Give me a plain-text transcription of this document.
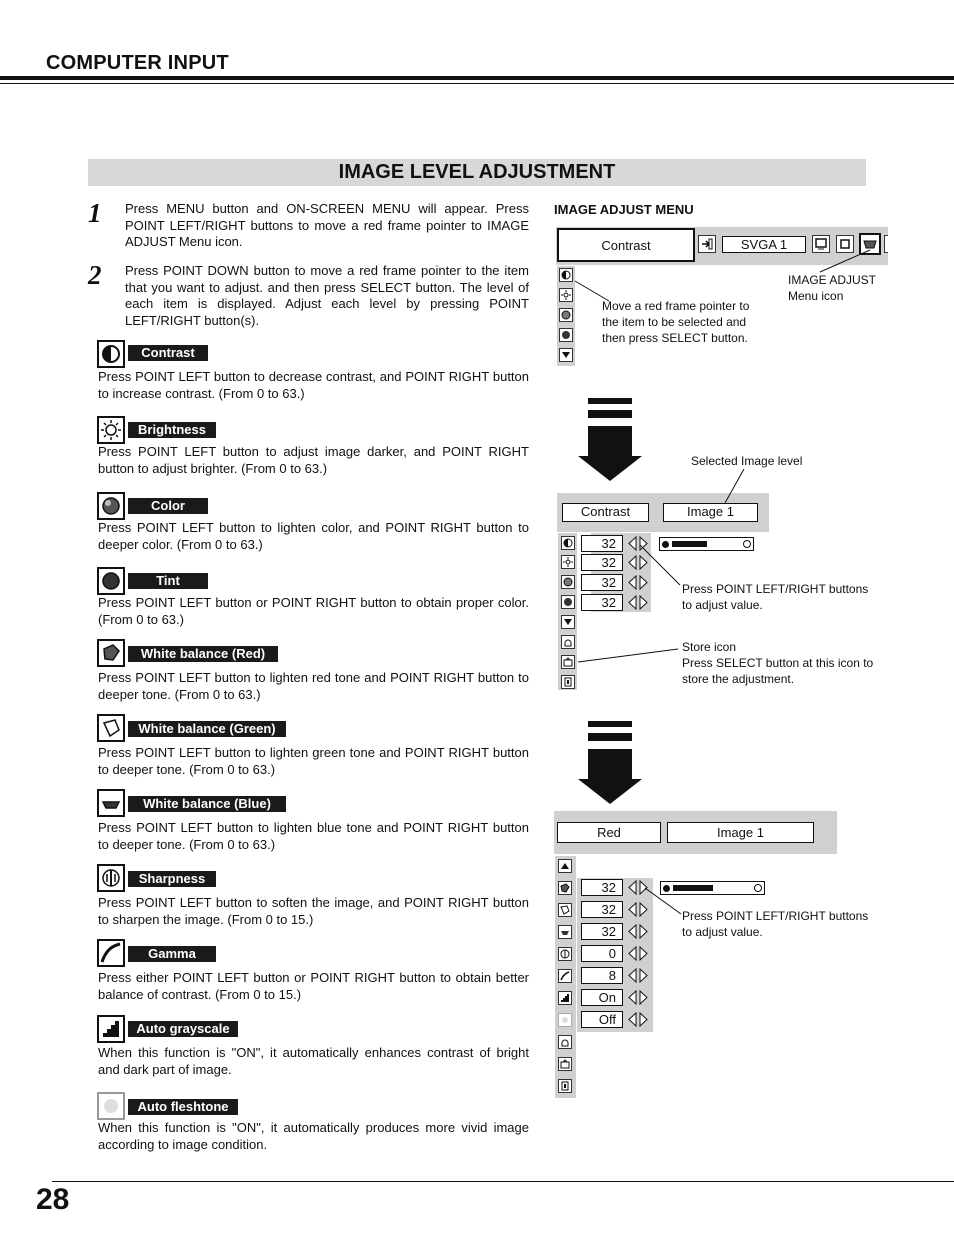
COMPUTER INPUT
IMAGE LEVEL ADJUSTMENT
1 Press MENU button and ON-SCREEN MENU will appear. Press POINT LEFT/RIGHT buttons to move a red frame pointer to IMAGE ADJUST Menu icon.
2 Press POINT DOWN button to move a red frame pointer to the item that you want to adjust. and then press SELECT button. The level of each item is displayed. Adjust each level by pressing POINT LEFT/RIGHT button(s).
Contrast
Press POINT LEFT button to decrease contrast, and POINT RIGHT button to increase contrast. (From 0 to 63.)
Brightness
Press POINT LEFT button to adjust image darker, and POINT RIGHT button to adjust brighter. (From 0 to 63.)
Color
Press POINT LEFT button to lighten color, and POINT RIGHT button to deeper color. (From 0 to 63.)
Tint
Press POINT LEFT button or POINT RIGHT button to obtain proper color. (From 0 to 63.)
White balance (Red)
Press POINT LEFT button to lighten red tone and POINT RIGHT button to deeper tone. (From 0 to 63.)
White balance (Green)
Press POINT LEFT button to lighten green tone and POINT RIGHT button to deeper tone. (From 0 to 63.)
White balance (Blue)
Press POINT LEFT button to lighten blue tone and POINT RIGHT button to deeper tone. (From 0 to 63.)
Sharpness
Press POINT LEFT button to soften the image, and POINT RIGHT button to sharpen the image. (From 0 to 15.)
Gamma
Press either POINT LEFT button or POINT RIGHT button to obtain better balance of contrast. (From 0 to 15.)
Auto grayscale
When this function is "ON", it automatically enhances contrast of bright and dark part of image.
Auto fleshtone
When this function is "ON", it automatically produces more vivid image according to image condition.
IMAGE ADJUST MENU
Contrast	SVGA 1
IMAGE ADJUST
Menu icon
Move a red frame pointer to
the item to be selected and
then press SELECT button.
Selected Image level
Contrast	Image 1
32
32
32
32
Press POINT LEFT/RIGHT buttons
to adjust value.
Store icon
Press SELECT button at this icon to
store the adjustment.
Red	Image 1
32
32
32
0
8
On
Off
Press POINT LEFT/RIGHT buttons
to adjust value.
28
